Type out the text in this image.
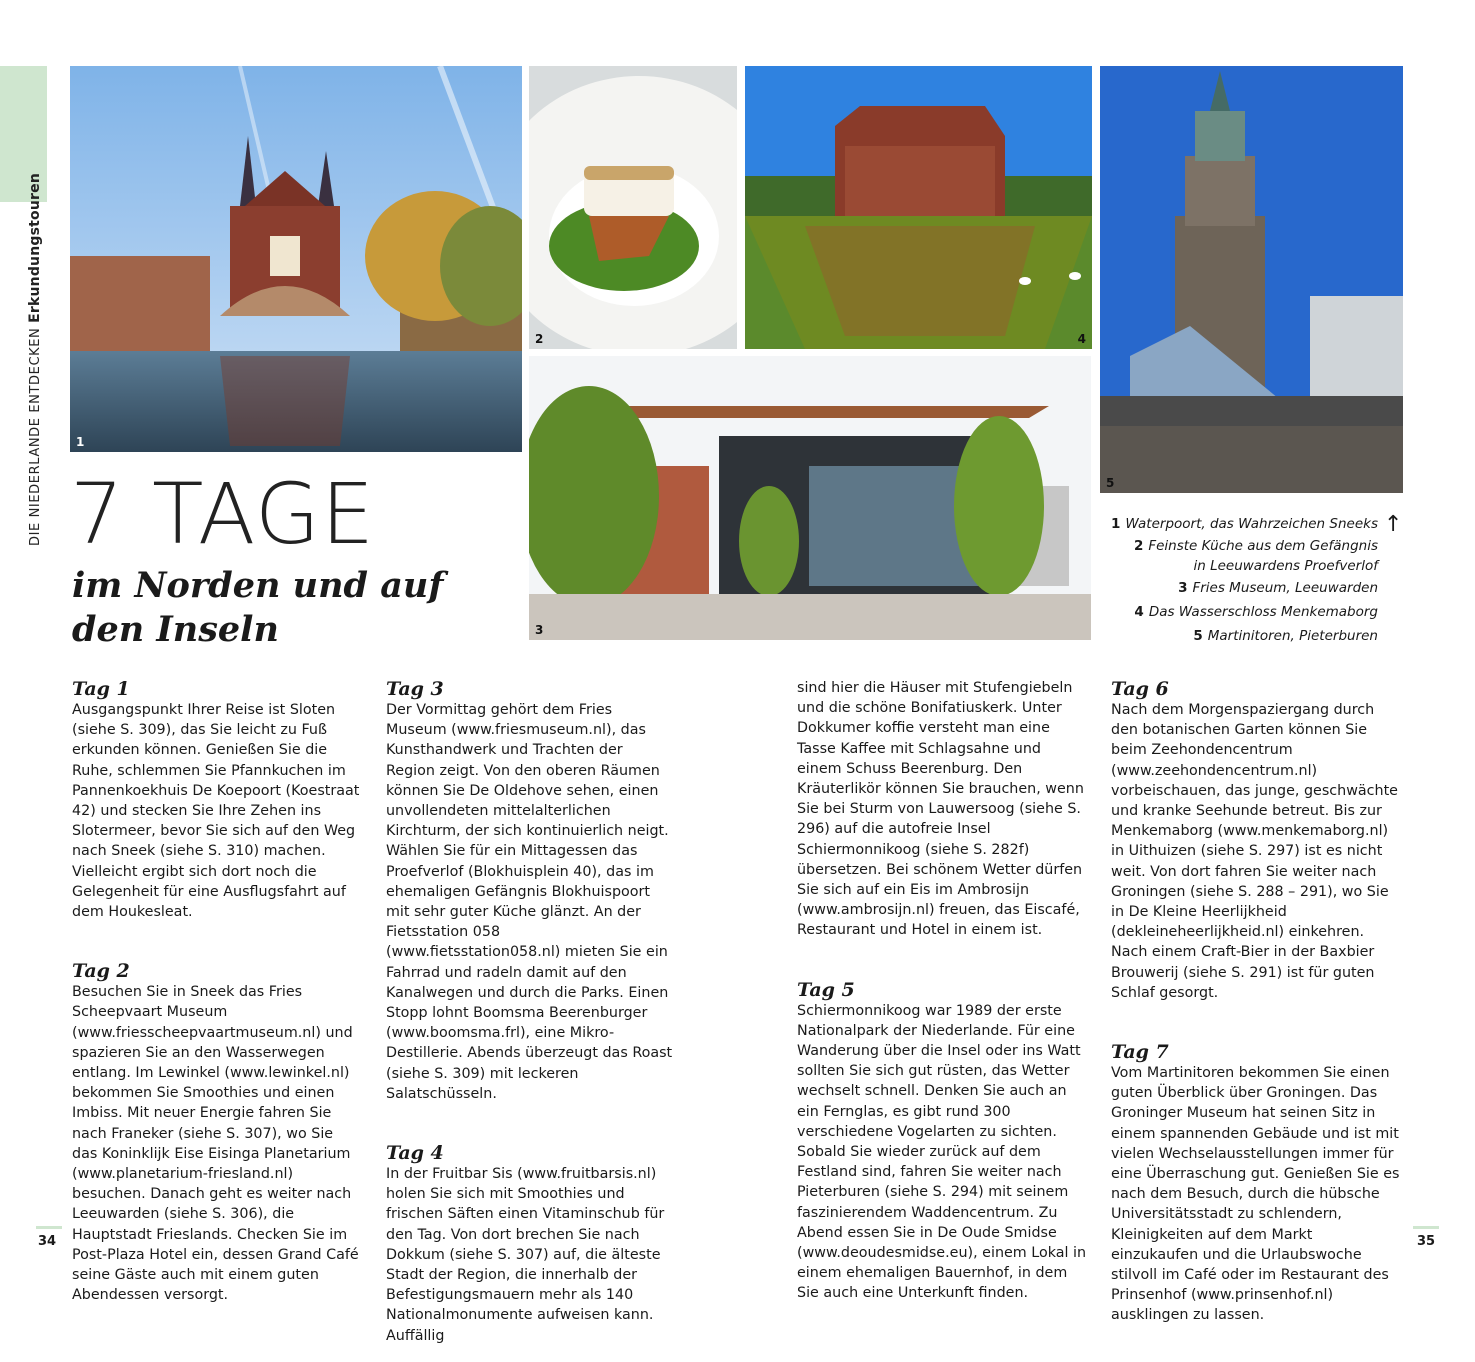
DIE NIEDERLANDE ENTDECKEN Erkundungstouren
1
2	4
3
5
7 TAGE
im Norden und auf den Inseln
1 Waterpoort, das Wahrzeichen Sneeks
2 Feinste Küche aus dem Gefängnis
in Leeuwardens Proefverlof
3 Fries Museum, Leeuwarden
4 Das Wasserschloss Menkemaborg
5 Martinitoren, Pieterburen
↑
Tag 1

Ausgangspunkt Ihrer Reise ist Sloten (siehe S. 309), das Sie leicht zu Fuß erkunden können. Genießen Sie die Ruhe, schlemmen Sie Pfannkuchen im Pannenkoekhuis De Koepoort (Koestraat 42) und stecken Sie Ihre Zehen ins Slotermeer, bevor Sie sich auf den Weg nach Sneek (siehe S. 310) machen. Vielleicht ergibt sich dort noch die Gelegenheit für eine Ausflugsfahrt auf dem Houkesleat.

Tag 2

Besuchen Sie in Sneek das Fries Scheepvaart Museum (www.friesscheepvaartmuseum.nl) und spazieren Sie an den Wasserwegen entlang. Im Lewinkel (www.lewinkel.nl) bekommen Sie Smoothies und einen Imbiss. Mit neuer Energie fahren Sie nach Franeker (siehe S. 307), wo Sie das Koninklijk Eise Eisinga Planetarium (www.planetarium-friesland.nl) besuchen. Danach geht es weiter nach Leeuwarden (siehe S. 306), die Hauptstadt Frieslands. Checken Sie im Post-Plaza Hotel ein, dessen Grand Café seine Gäste auch mit einem guten Abendessen versorgt.

Tag 3

Der Vormittag gehört dem Fries Museum (www.friesmuseum.nl), das Kunsthandwerk und Trachten der Region zeigt. Von den oberen Räumen können Sie De Oldehove sehen, einen unvollendeten mittelalterlichen Kirchturm, der sich kontinuierlich neigt. Wählen Sie für ein Mittagessen das Proefverlof (Blokhuisplein 40), das im ehemaligen Gefängnis Blokhuispoort mit sehr guter Küche glänzt. An der Fietsstation 058 (www.fietsstation058.nl) mieten Sie ein Fahrrad und radeln damit auf den Kanalwegen und durch die Parks. Einen Stopp lohnt Boomsma Beerenburger (www.boomsma.frl), eine Mikro-Destillerie. Abends überzeugt das Roast (siehe S. 309) mit leckeren Salatschüsseln.

Tag 4

In der Fruitbar Sis (www.fruitbarsis.nl) holen Sie sich mit Smoothies und frischen Säften einen Vitaminschub für den Tag. Von dort brechen Sie nach Dokkum (siehe S. 307) auf, die älteste Stadt der Region, die innerhalb der Befestigungsmauern mehr als 140 Nationalmonumente aufweisen kann. Auffällig

sind hier die Häuser mit Stufengiebeln und die schöne Bonifatiuskerk. Unter Dokkumer koffie versteht man eine Tasse Kaffee mit Schlagsahne und einem Schuss Beerenburg. Den Kräuterlikör können Sie brauchen, wenn Sie bei Sturm von Lauwersoog (siehe S. 296) auf die autofreie Insel Schiermonnikoog (siehe S. 282f) übersetzen. Bei schönem Wetter dürfen Sie sich auf ein Eis im Ambrosijn (www.ambrosijn.nl) freuen, das Eiscafé, Restaurant und Hotel in einem ist.

Tag 5

Schiermonnikoog war 1989 der erste Nationalpark der Niederlande. Für eine Wanderung über die Insel oder ins Watt sollten Sie sich gut rüsten, das Wetter wechselt schnell. Denken Sie auch an ein Fernglas, es gibt rund 300 verschiedene Vogelarten zu sichten. Sobald Sie wieder zurück auf dem Festland sind, fahren Sie weiter nach Pieterburen (siehe S. 294) mit seinem faszinierendem Waddencentrum. Zu Abend essen Sie in De Oude Smidse (www.deoudesmidse.eu), einem Lokal in einem ehemaligen Bauernhof, in dem Sie auch eine Unterkunft finden.

Tag 6

Nach dem Morgenspaziergang durch den botanischen Garten können Sie beim Zeehondencentrum (www.zeehondencentrum.nl) vorbeischauen, das junge, geschwächte und kranke Seehunde betreut. Bis zur Menkemaborg (www.menkemaborg.nl) in Uithuizen (siehe S. 297) ist es nicht weit. Von dort fahren Sie weiter nach Groningen (siehe S. 288 – 291), wo Sie in De Kleine Heerlijkheid (dekleineheerlijkheid.nl) einkehren. Nach einem Craft-Bier in der Baxbier Brouwerij (siehe S. 291) ist für guten Schlaf gesorgt.

Tag 7

Vom Martinitoren bekommen Sie einen guten Überblick über Groningen. Das Groninger Museum hat seinen Sitz in einem spannenden Gebäude und ist mit vielen Wechselausstellungen immer für eine Überraschung gut. Genießen Sie es nach dem Besuch, durch die hübsche Universitätsstadt zu schlendern, Kleinigkeiten auf dem Markt einzukaufen und die Urlaubswoche stilvoll im Café oder im Restaurant des Prinsenhof (www.prinsenhof.nl) ausklingen zu lassen.

34	35
